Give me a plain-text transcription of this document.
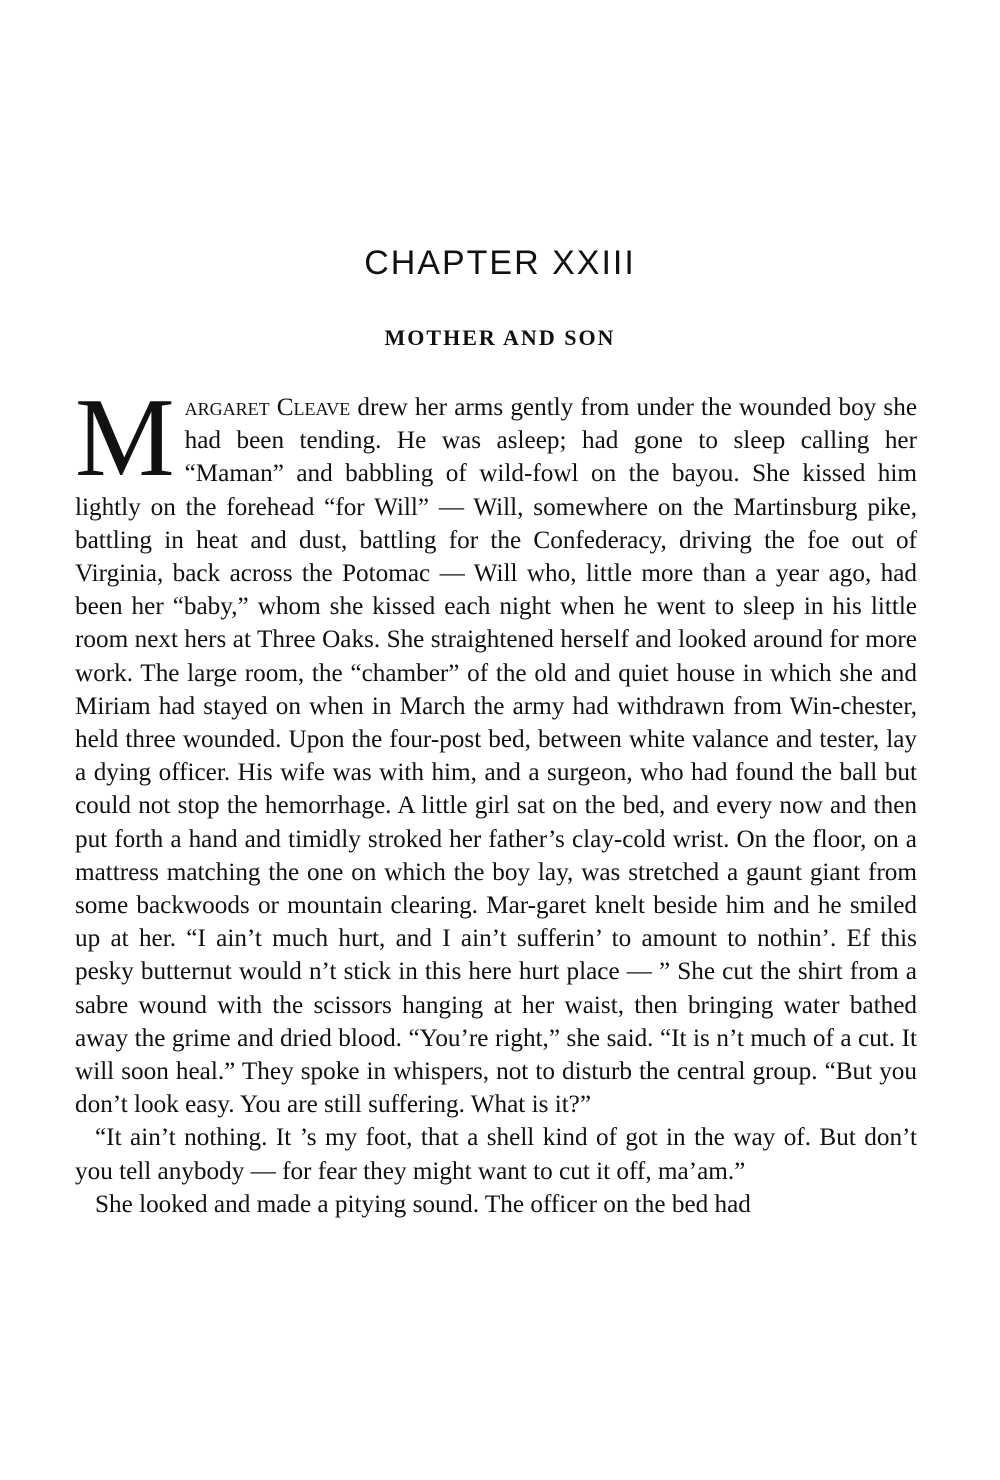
CHAPTER XXIII
MOTHER AND SON

Margaret Cleave drew her arms gently from under the wounded boy she had been tending. He was asleep; had gone to sleep calling her “Maman” and babbling of wild-fowl on the bayou. She kissed him lightly on the forehead “for Will” — Will, somewhere on the Martinsburg pike, battling in heat and dust, battling for the Confederacy, driving the foe out of Virginia, back across the Potomac — Will who, little more than a year ago, had been her “baby,” whom she kissed each night when he went to sleep in his little room next hers at Three Oaks. She straightened herself and looked around for more work. The large room, the “chamber” of the old and quiet house in which she and Miriam had stayed on when in March the army had withdrawn from Win-chester, held three wounded. Upon the four-post bed, between white valance and tester, lay a dying officer. His wife was with him, and a surgeon, who had found the ball but could not stop the hemorrhage. A little girl sat on the bed, and every now and then put forth a hand and timidly stroked her father’s clay-cold wrist. On the floor, on a mattress matching the one on which the boy lay, was stretched a gaunt giant from some backwoods or mountain clearing. Mar-garet knelt beside him and he smiled up at her. “I ain’t much hurt, and I ain’t sufferin’ to amount to nothin’. Ef this pesky butternut would n’t stick in this here hurt place — ” She cut the shirt from a sabre wound with the scissors hanging at her waist, then bringing water bathed away the grime and dried blood. “You’re right,” she said. “It is n’t much of a cut. It will soon heal.” They spoke in whispers, not to disturb the central group. “But you don’t look easy. You are still suffering. What is it?”

“It ain’t nothing. It ’s my foot, that a shell kind of got in the way of. But don’t you tell anybody — for fear they might want to cut it off, ma’am.”

She looked and made a pitying sound. The officer on the bed had
